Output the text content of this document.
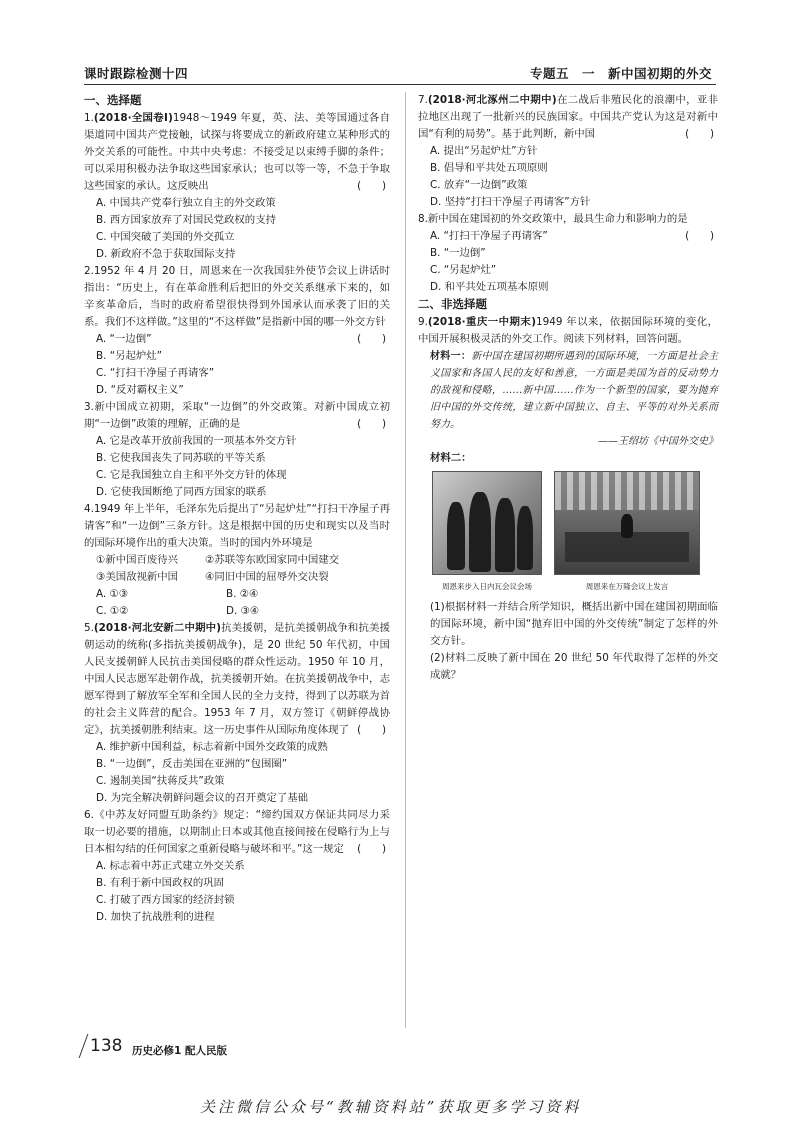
课时跟踪检测十四	专题五　一　新中国初期的外交
一、选择题
1.(2018·全国卷Ⅰ)1948～1949 年夏，英、法、美等国通过各自渠道同中国共产党接触，试探与将要成立的新政府建立某种形式的外交关系的可能性。中共中央考虑：不接受足以束缚手脚的条件；可以采用积极办法争取这些国家承认；也可以等一等，不急于争取这些国家的承认。这反映出	(　　)
A. 中国共产党奉行独立自主的外交政策
B. 西方国家放弃了对国民党政权的支持
C. 中国突破了美国的外交孤立
D. 新政府不急于获取国际支持
2.1952 年 4 月 20 日，周恩来在一次我国驻外使节会议上讲话时指出：“历史上，有在革命胜利后把旧的外交关系继承下来的，如辛亥革命后，当时的政府希望很快得到外国承认而承袭了旧的关系。我们不这样做。”这里的“不这样做”是指新中国的哪一外交方针
(　　)
A. “一边倒”
B. “另起炉灶”
C. “打扫干净屋子再请客”
D. “反对霸权主义”
3.新中国成立初期，采取“一边倒”的外交政策。对新中国成立初期“一边倒”政策的理解，正确的是	(　　)
A. 它是改革开放前我国的一项基本外交方针
B. 它使我国丧失了同苏联的平等关系
C. 它是我国独立自主和平外交方针的体现
D. 它使我国断绝了同西方国家的联系
4.1949 年上半年，毛泽东先后提出了“另起炉灶”“打扫干净屋子再请客”和“一边倒”三条方针。这是根据中国的历史和现实以及当时的国际环境作出的重大决策。当时的国内外环境是
①新中国百废待兴	②苏联等东欧国家同中国建交
③美国敌视新中国	④同旧中国的屈辱外交决裂
A. ①③	B. ②④
C. ①②	D. ③④
5.(2018·河北安新二中期中)抗美援朝，是抗美援朝战争和抗美援朝运动的统称(多指抗美援朝战争)，是 20 世纪 50 年代初，中国人民支援朝鲜人民抗击美国侵略的群众性运动。1950 年 10 月，中国人民志愿军赴朝作战，抗美援朝开始。在抗美援朝战争中，志愿军得到了解放军全军和全国人民的全力支持，得到了以苏联为首的社会主义阵营的配合。1953 年 7 月，双方签订《朝鲜停战协定》，抗美援朝胜利结束。这一历史事件从国际角度体现了 (　　)
A. 维护新中国利益，标志着新中国外交政策的成熟
B. “一边倒”，反击美国在亚洲的“包围圈”
C. 遏制美国“扶蒋反共”政策
D. 为完全解决朝鲜问题会议的召开奠定了基础
6.《中苏友好同盟互助条约》规定：“缔约国双方保证共同尽力采取一切必要的措施，以期制止日本或其他直接间接在侵略行为上与日本相勾结的任何国家之重新侵略与破坏和平。”这一规定 (　　)
A. 标志着中苏正式建立外交关系
B. 有利于新中国政权的巩固
C. 打破了西方国家的经济封锁
D. 加快了抗战胜利的进程
7.(2018·河北涿州二中期中)在二战后非殖民化的浪潮中，亚非拉地区出现了一批新兴的民族国家。中国共产党认为这是对新中国“有利的局势”。基于此判断，新中国	(　　)
A. 提出“另起炉灶”方针
B. 倡导和平共处五项原则
C. 放弃“一边倒”政策
D. 坚持“打扫干净屋子再请客”方针
8.新中国在建国初的外交政策中，最具生命力和影响力的是
(　　)
A. “打扫干净屋子再请客”
B. “一边倒”
C. “另起炉灶”
D. 和平共处五项基本原则
二、非选择题
9.(2018·重庆一中期末)1949 年以来，依据国际环境的变化，中国开展积极灵活的外交工作。阅读下列材料，回答问题。
材料一：新中国在建国初期所遇到的国际环境，一方面是社会主义国家和各国人民的友好和善意，一方面是美国为首的反动势力的敌视和侵略，……新中国……作为一个新型的国家，要为抛弃旧中国的外交传统，建立新中国独立、自主、平等的对外关系而努力。
——王绍坊《中国外交史》
材料二：
周恩来步入日内瓦会议会场	周恩来在万隆会议上发言
(1)根据材料一并结合所学知识，概括出新中国在建国初期面临的国际环境，新中国“抛弃旧中国的外交传统”制定了怎样的外交方针。
(2)材料二反映了新中国在 20 世纪 50 年代取得了怎样的外交成就？
138 历史必修1 配人民版
关注微信公众号“教辅资料站”获取更多学习资料
